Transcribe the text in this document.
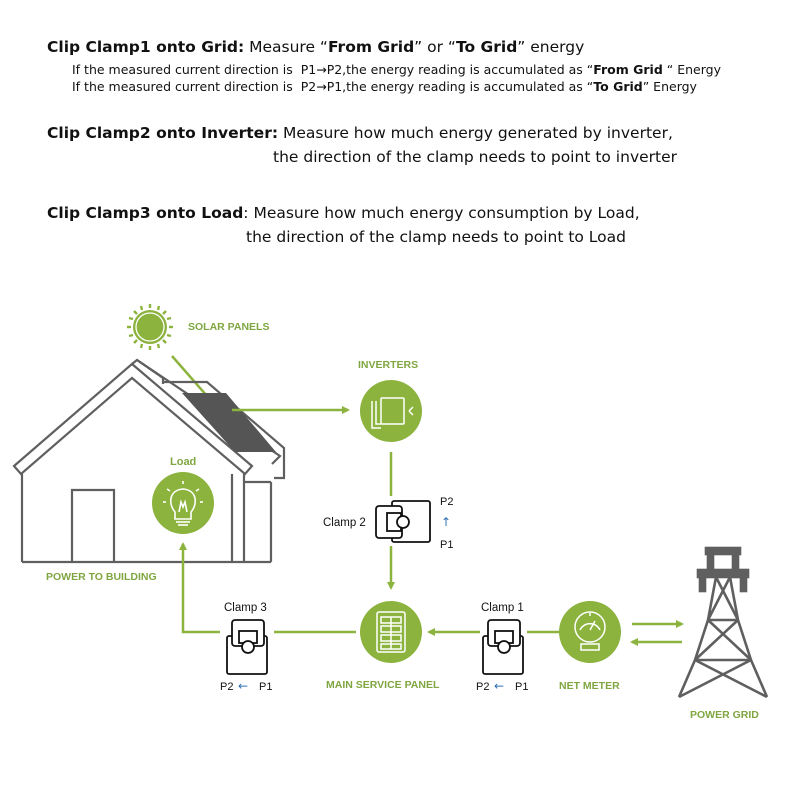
Clip Clamp1 onto Grid: Measure “From Grid” or “To Grid” energy
If the measured current direction is  P1→P2,the energy reading is accumulated as “From Grid “ Energy
If the measured current direction is  P2→P1,the energy reading is accumulated as “To Grid” Energy
Clip Clamp2 onto Inverter: Measure how much energy generated by inverter,
the direction of the clamp needs to point to inverter
Clip Clamp3 onto Load: Measure how much energy consumption by Load,
the direction of the clamp needs to point to Load
SOLAR PANELS
Load
POWER TO BUILDING
INVERTERS
Clamp 2
P2
↑
P1
MAIN SERVICE PANEL
Clamp 3
P2 ← P1
Clamp 1
P2 ← P1	NET METER
POWER GRID
